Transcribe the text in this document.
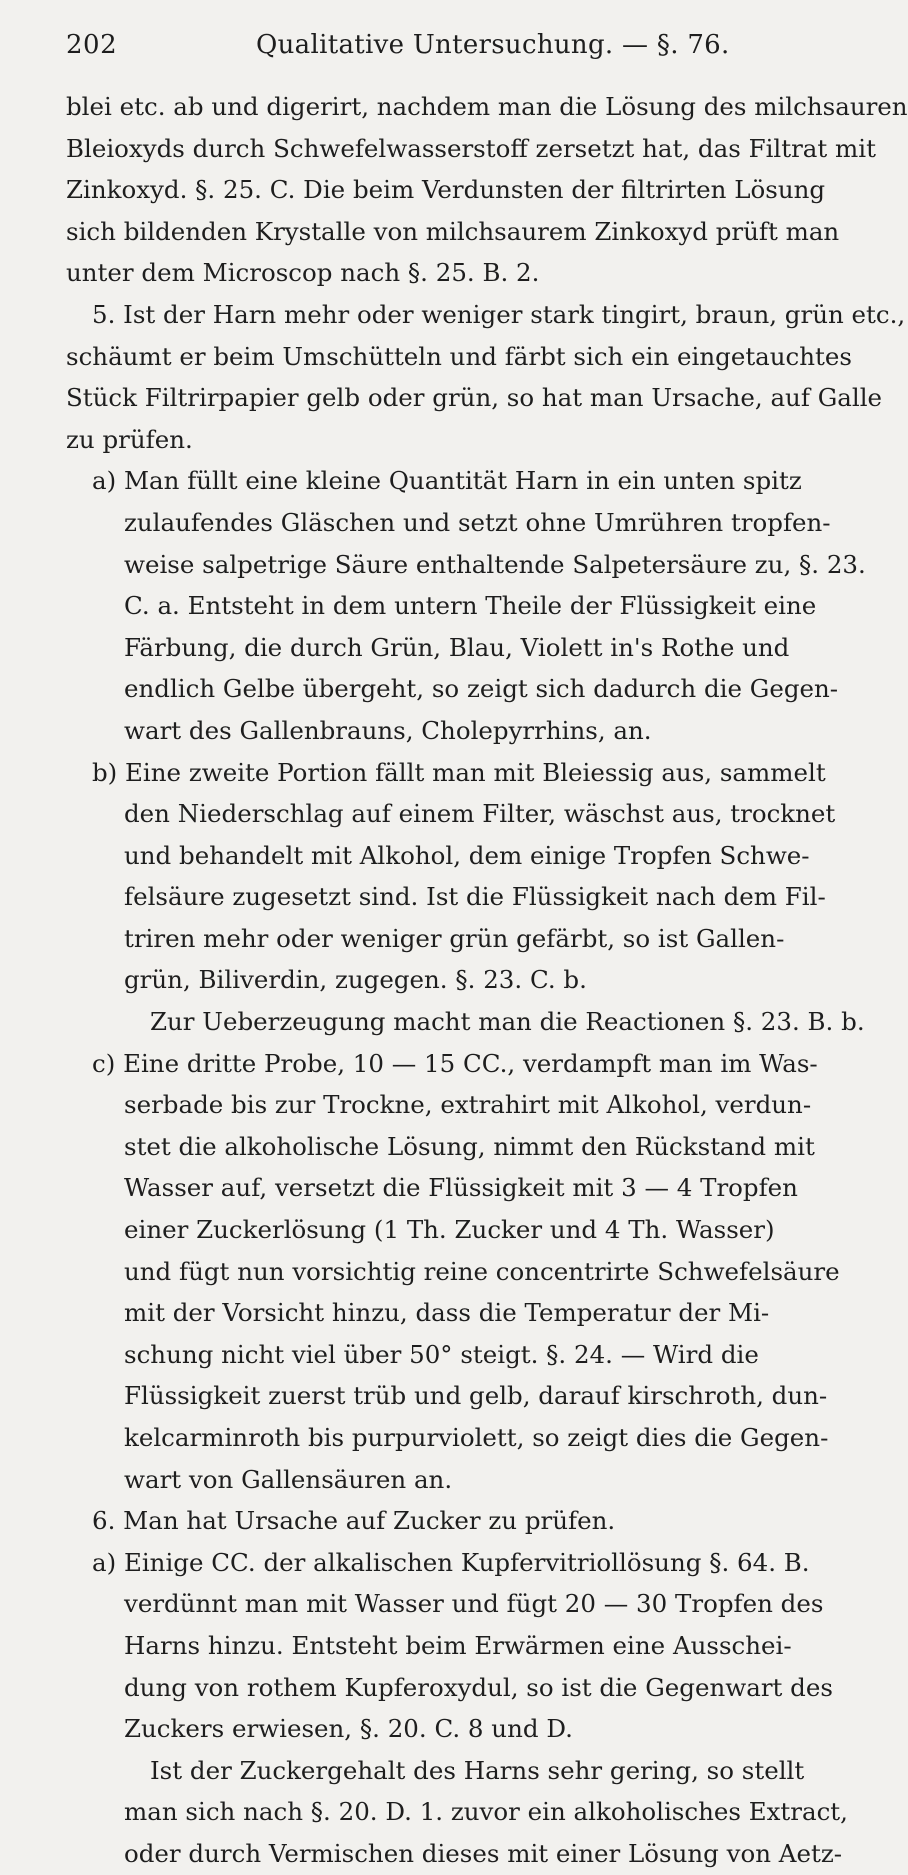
202	Qualitative Untersuchung. — §. 76.
blei etc. ab und digerirt, nachdem man die Lösung des milchsauren
Bleioxyds durch Schwefelwasserstoff zersetzt hat, das Filtrat mit
Zinkoxyd. §. 25. C. Die beim Verdunsten der filtrirten Lösung
sich bildenden Krystalle von milchsaurem Zinkoxyd prüft man
unter dem Microscop nach §. 25. B. 2.
5. Ist der Harn mehr oder weniger stark tingirt, braun, grün etc.,
schäumt er beim Umschütteln und färbt sich ein eingetauchtes
Stück Filtrirpapier gelb oder grün, so hat man Ursache, auf Galle
zu prüfen.
a) Man füllt eine kleine Quantität Harn in ein unten spitz
zulaufendes Gläschen und setzt ohne Umrühren tropfen-
weise salpetrige Säure enthaltende Salpetersäure zu, §. 23.
C. a. Entsteht in dem untern Theile der Flüssigkeit eine
Färbung, die durch Grün, Blau, Violett in's Rothe und
endlich Gelbe übergeht, so zeigt sich dadurch die Gegen-
wart des Gallenbrauns, Cholepyrrhins, an.
b) Eine zweite Portion fällt man mit Bleiessig aus, sammelt
den Niederschlag auf einem Filter, wäschst aus, trocknet
und behandelt mit Alkohol, dem einige Tropfen Schwe-
felsäure zugesetzt sind. Ist die Flüssigkeit nach dem Fil-
triren mehr oder weniger grün gefärbt, so ist Gallen-
grün, Biliverdin, zugegen. §. 23. C. b.
Zur Ueberzeugung macht man die Reactionen §. 23. B. b.
c) Eine dritte Probe, 10 — 15 CC., verdampft man im Was-
serbade bis zur Trockne, extrahirt mit Alkohol, verdun-
stet die alkoholische Lösung, nimmt den Rückstand mit
Wasser auf, versetzt die Flüssigkeit mit 3 — 4 Tropfen
einer Zuckerlösung (1 Th. Zucker und 4 Th. Wasser)
und fügt nun vorsichtig reine concentrirte Schwefelsäure
mit der Vorsicht hinzu, dass die Temperatur der Mi-
schung nicht viel über 50° steigt. §. 24. — Wird die
Flüssigkeit zuerst trüb und gelb, darauf kirschroth, dun-
kelcarminroth bis purpurviolett, so zeigt dies die Gegen-
wart von Gallensäuren an.
6. Man hat Ursache auf Zucker zu prüfen.
a) Einige CC. der alkalischen Kupfervitriollösung §. 64. B.
verdünnt man mit Wasser und fügt 20 — 30 Tropfen des
Harns hinzu. Entsteht beim Erwärmen eine Ausschei-
dung von rothem Kupferoxydul, so ist die Gegenwart des
Zuckers erwiesen, §. 20. C. 8 und D.
Ist der Zuckergehalt des Harns sehr gering, so stellt
man sich nach §. 20. D. 1. zuvor ein alkoholisches Extract,
oder durch Vermischen dieses mit einer Lösung von Aetz-
